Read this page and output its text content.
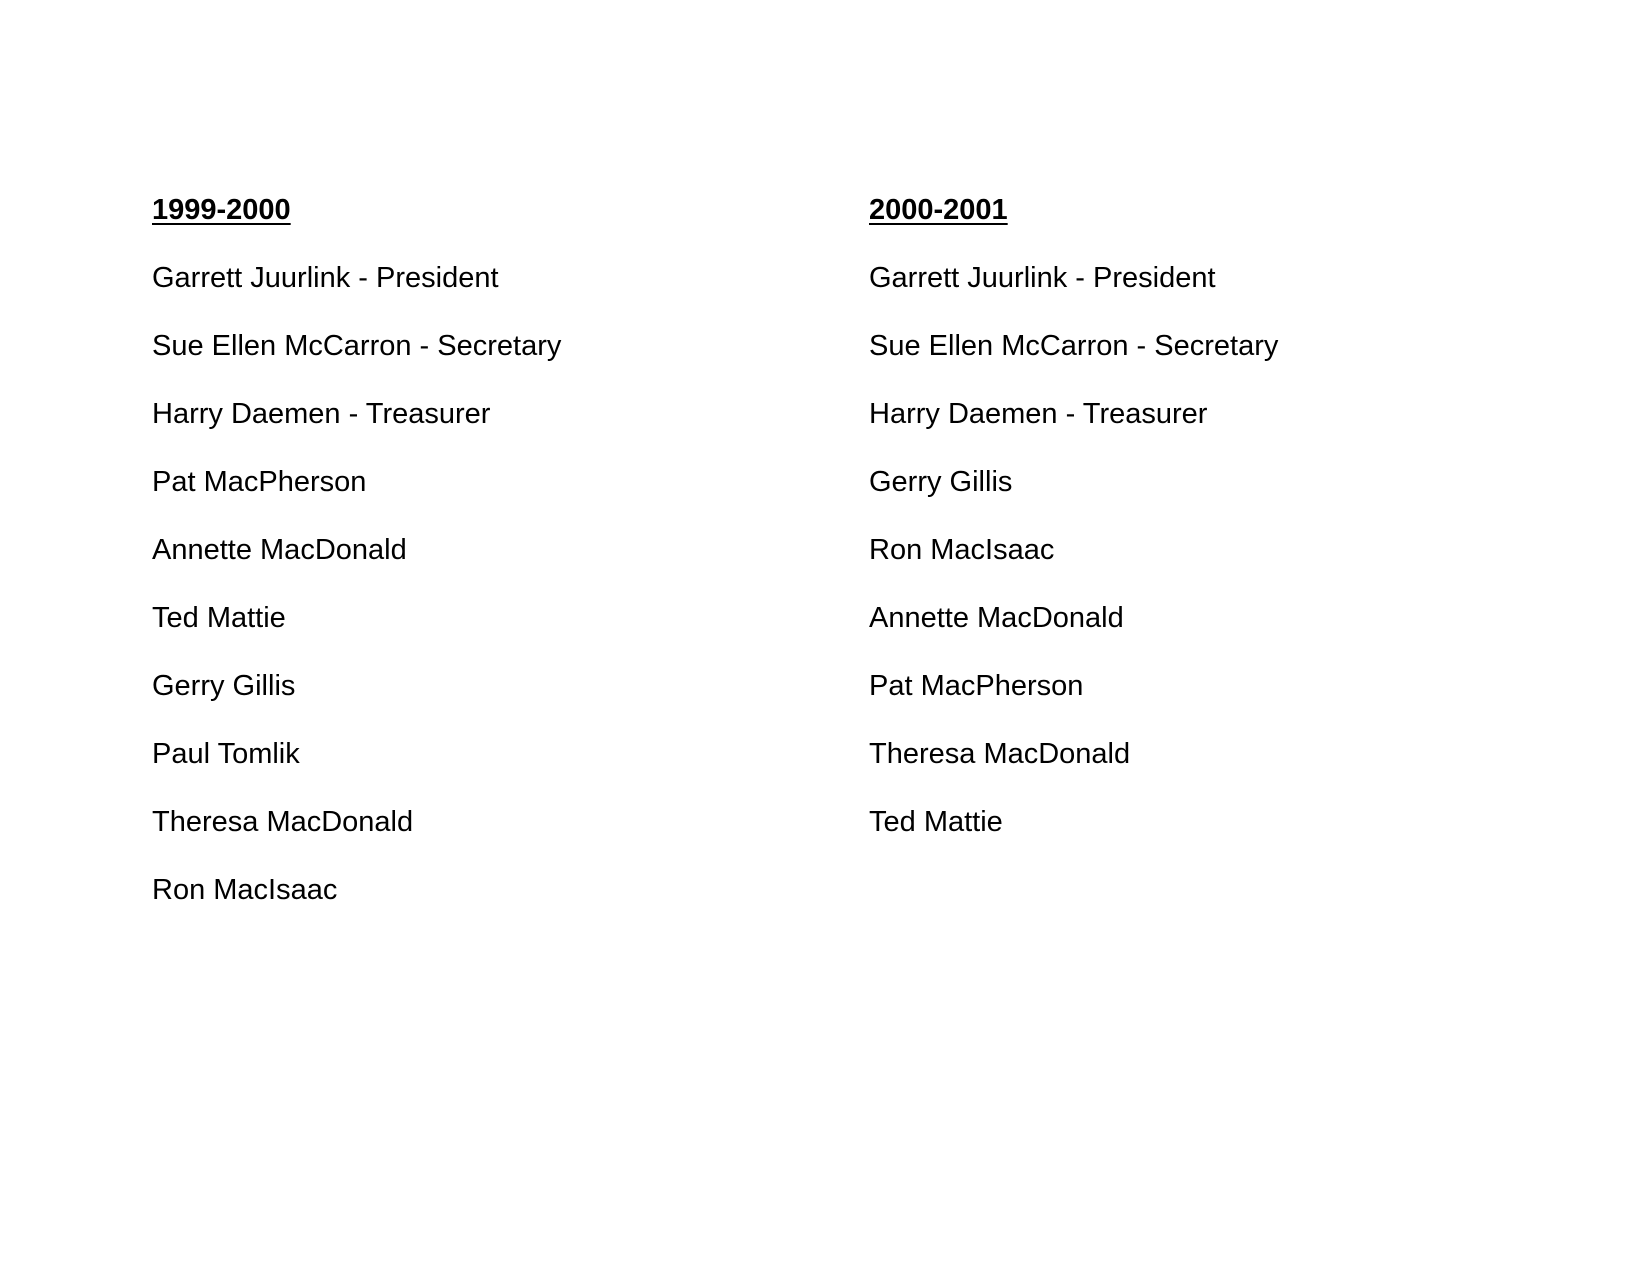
1999-2000
Garrett Juurlink - President
Sue Ellen McCarron - Secretary
Harry Daemen - Treasurer
Pat MacPherson
Annette MacDonald
Ted Mattie
Gerry Gillis
Paul Tomlik
Theresa MacDonald
Ron MacIsaac
2000-2001
Garrett Juurlink - President
Sue Ellen McCarron - Secretary
Harry Daemen - Treasurer
Gerry Gillis
Ron MacIsaac
Annette MacDonald
Pat MacPherson
Theresa MacDonald
Ted Mattie
